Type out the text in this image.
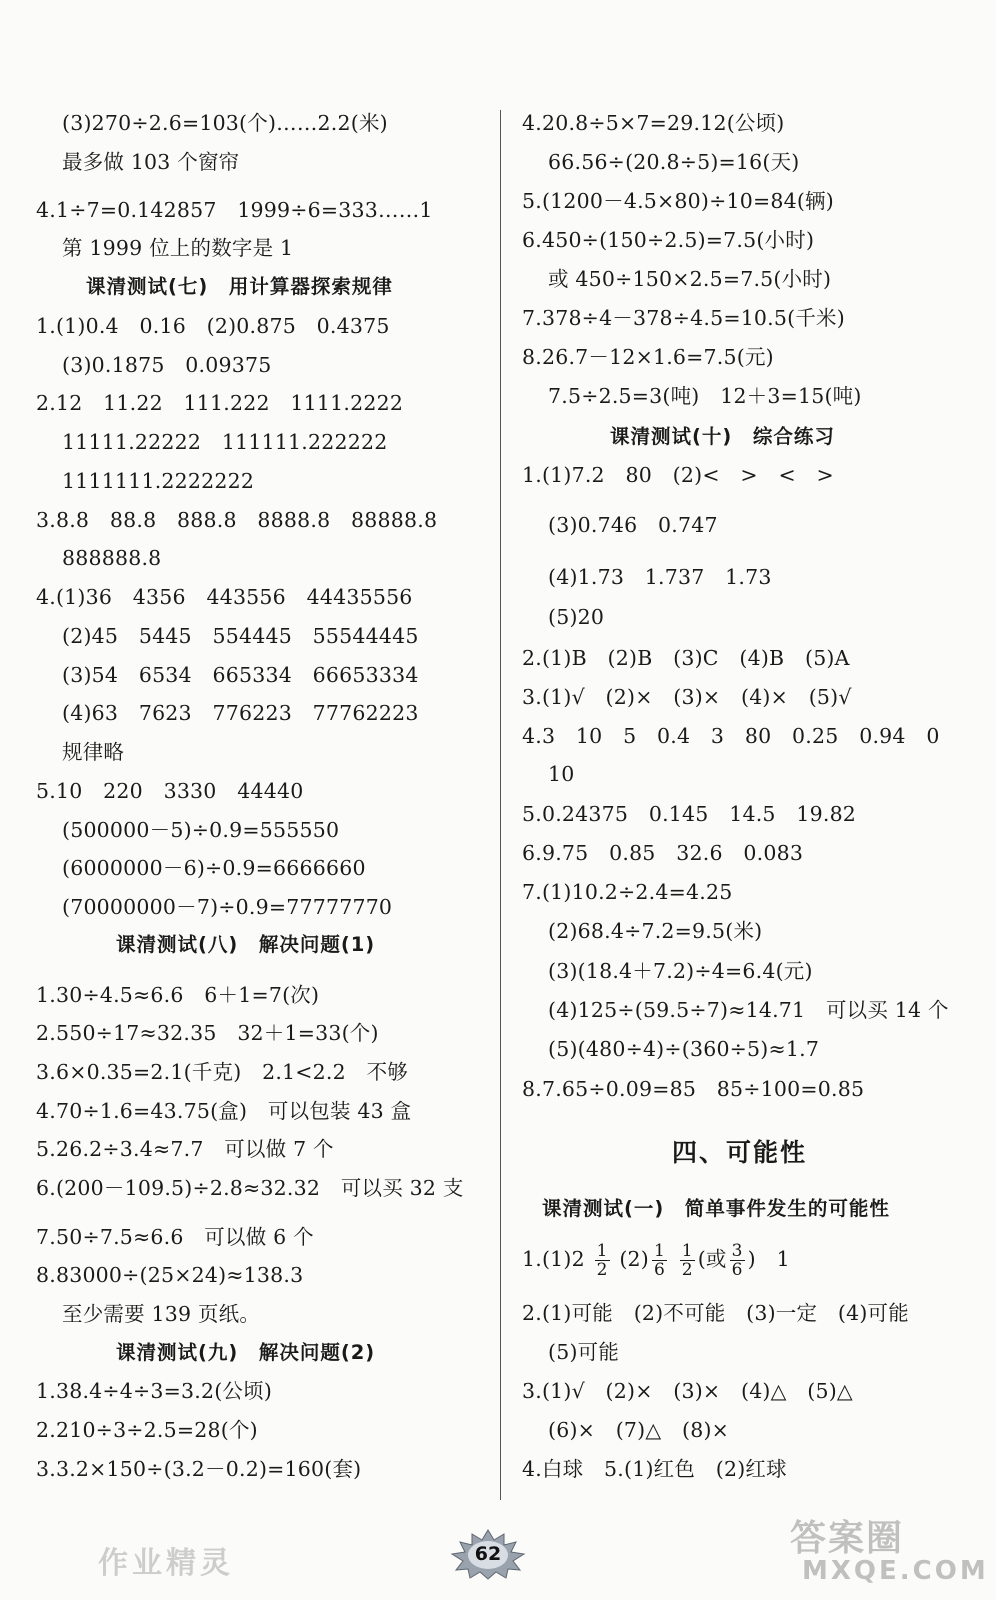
(3)270÷2.6=103(个)……2.2(米)
最多做 103 个窗帘
4.1÷7=0.142857　1999÷6=333……1
第 1999 位上的数字是 1
课清测试(七)　用计算器探索规律
1.(1)0.4　0.16　(2)0.875　0.4375
(3)0.1875　0.09375
2.12　11.22　111.222　1111.2222
11111.22222　111111.222222
1111111.2222222
3.8.8　88.8　888.8　8888.8　88888.8
888888.8
4.(1)36　4356　443556　44435556
(2)45　5445　554445　55544445
(3)54　6534　665334　66653334
(4)63　7623　776223　77762223
规律略
5.10　220　3330　44440
(500000－5)÷0.9=555550
(6000000－6)÷0.9=6666660
(70000000－7)÷0.9=77777770
课清测试(八)　解决问题(1)
1.30÷4.5≈6.6　6＋1=7(次)
2.550÷17≈32.35　32＋1=33(个)
3.6×0.35=2.1(千克)　2.1<2.2　不够
4.70÷1.6=43.75(盒)　可以包装 43 盒
5.26.2÷3.4≈7.7　可以做 7 个
6.(200－109.5)÷2.8≈32.32　可以买 32 支
7.50÷7.5≈6.6　可以做 6 个
8.83000÷(25×24)≈138.3
至少需要 139 页纸。
课清测试(九)　解决问题(2)
1.38.4÷4÷3=3.2(公顷)
2.210÷3÷2.5=28(个)
3.3.2×150÷(3.2－0.2)=160(套)
4.20.8÷5×7=29.12(公顷)
66.56÷(20.8÷5)=16(天)
5.(1200－4.5×80)÷10=84(辆)
6.450÷(150÷2.5)=7.5(小时)
或 450÷150×2.5=7.5(小时)
7.378÷4－378÷4.5=10.5(千米)
8.26.7－12×1.6=7.5(元)
7.5÷2.5=3(吨)　12＋3=15(吨)
课清测试(十)　综合练习
1.(1)7.2　80　(2)<　>　<　>
(3)0.746　0.747
(4)1.73　1.737　1.73
(5)20
2.(1)B　(2)B　(3)C　(4)B　(5)A
3.(1)√　(2)×　(3)×　(4)×　(5)√
4.3　10　5　0.4　3　80　0.25　0.94　0
10
5.0.24375　0.145　14.5　19.82
6.9.75　0.85　32.6　0.083
7.(1)10.2÷2.4=4.25
(2)68.4÷7.2=9.5(米)
(3)(18.4＋7.2)÷4=6.4(元)
(4)125÷(59.5÷7)≈14.71　可以买 14 个
(5)(480÷4)÷(360÷5)≈1.7
8.7.65÷0.09=85　85÷100=0.85
四、可能性
课清测试(一)　简单事件发生的可能性
$1.(1)2 \frac{1}{2} (2) \frac{1}{6}$
$\frac{1}{2}$ (或 $\frac{3}{6}$ )　1
2.(1)可能　(2)不可能　(3)一定　(4)可能
(5)可能
3.(1)√　(2)×　(3)×　(4)△　(5)△
(6)×　(7)△　(8)×
4.白球　5.(1)红色　(2)红球
作业精灵	62	答案圈
MXQE.COM
